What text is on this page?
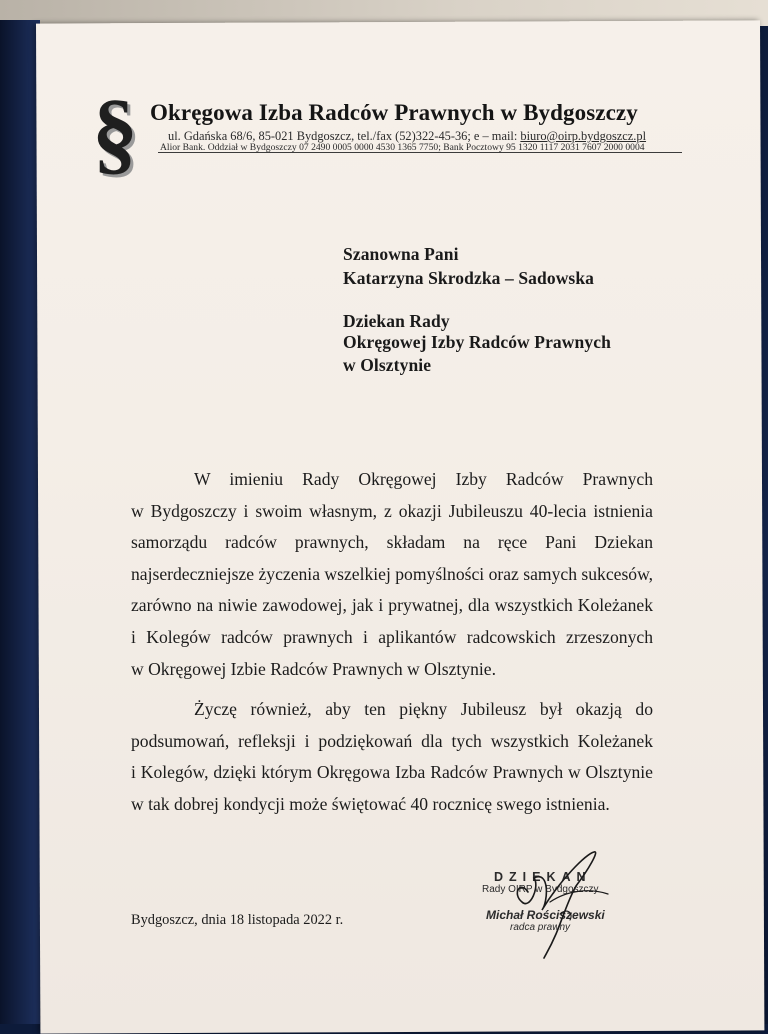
§ Okręgowa Izba Radców Prawnych w Bydgoszczy
ul. Gdańska 68/6, 85-021 Bydgoszcz, tel./fax (52)322-45-36; e – mail: biuro@oirp.bydgoszcz.pl
Alior Bank. Oddział w Bydgoszczy 07 2490 0005 0000 4530 1365 7750; Bank Pocztowy 95 1320 1117 2031 7607 2000 0004
Szanowna Pani
Katarzyna Skrodzka – Sadowska
Dziekan Rady
Okręgowej Izby Radców Prawnych
w Olsztynie
W imieniu Rady Okręgowej Izby Radców Prawnych
w Bydgoszczy i swoim własnym, z okazji Jubileuszu 40-lecia istnienia
samorządu radców prawnych, składam na ręce Pani Dziekan
najserdeczniejsze życzenia wszelkiej pomyślności oraz samych sukcesów,
zarówno na niwie zawodowej, jak i prywatnej, dla wszystkich Koleżanek
i Kolegów radców prawnych i aplikantów radcowskich zrzeszonych
w Okręgowej Izbie Radców Prawnych w Olsztynie.
Życzę również, aby ten piękny Jubileusz był okazją do
podsumowań, refleksji i podziękowań dla tych wszystkich Koleżanek
i Kolegów, dzięki którym Okręgowa Izba Radców Prawnych w Olsztynie
w tak dobrej kondycji może świętować 40 rocznicę swego istnienia.
Bydgoszcz, dnia 18 listopada 2022 r.
DZIEKAN
Rady OIRP w Bydgoszczy
Michał Rościszewski
radca prawny
